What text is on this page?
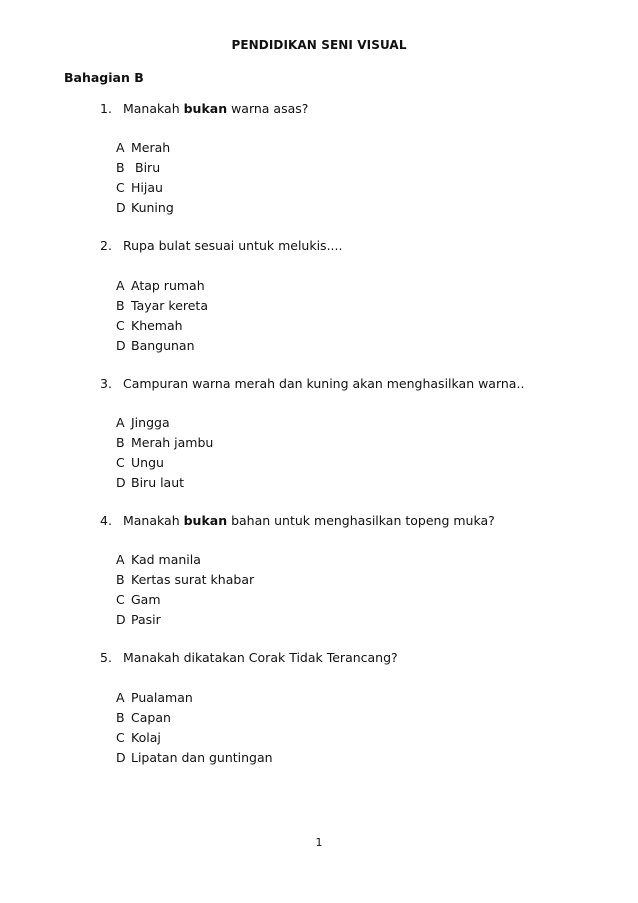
PENDIDIKAN SENI VISUAL
Bahagian B
1. Manakah bukan warna asas?
A Merah
B Biru
C Hijau
D Kuning
2. Rupa bulat sesuai untuk melukis....
A Atap rumah
B Tayar kereta
C Khemah
D Bangunan
3. Campuran warna merah dan kuning akan menghasilkan warna..
A Jingga
B Merah jambu
C Ungu
D Biru laut
4. Manakah bukan bahan untuk menghasilkan topeng muka?
A Kad manila
B Kertas surat khabar
C Gam
D Pasir
5. Manakah dikatakan Corak Tidak Terancang?
A Pualaman
B Capan
C Kolaj
D Lipatan dan guntingan
1
